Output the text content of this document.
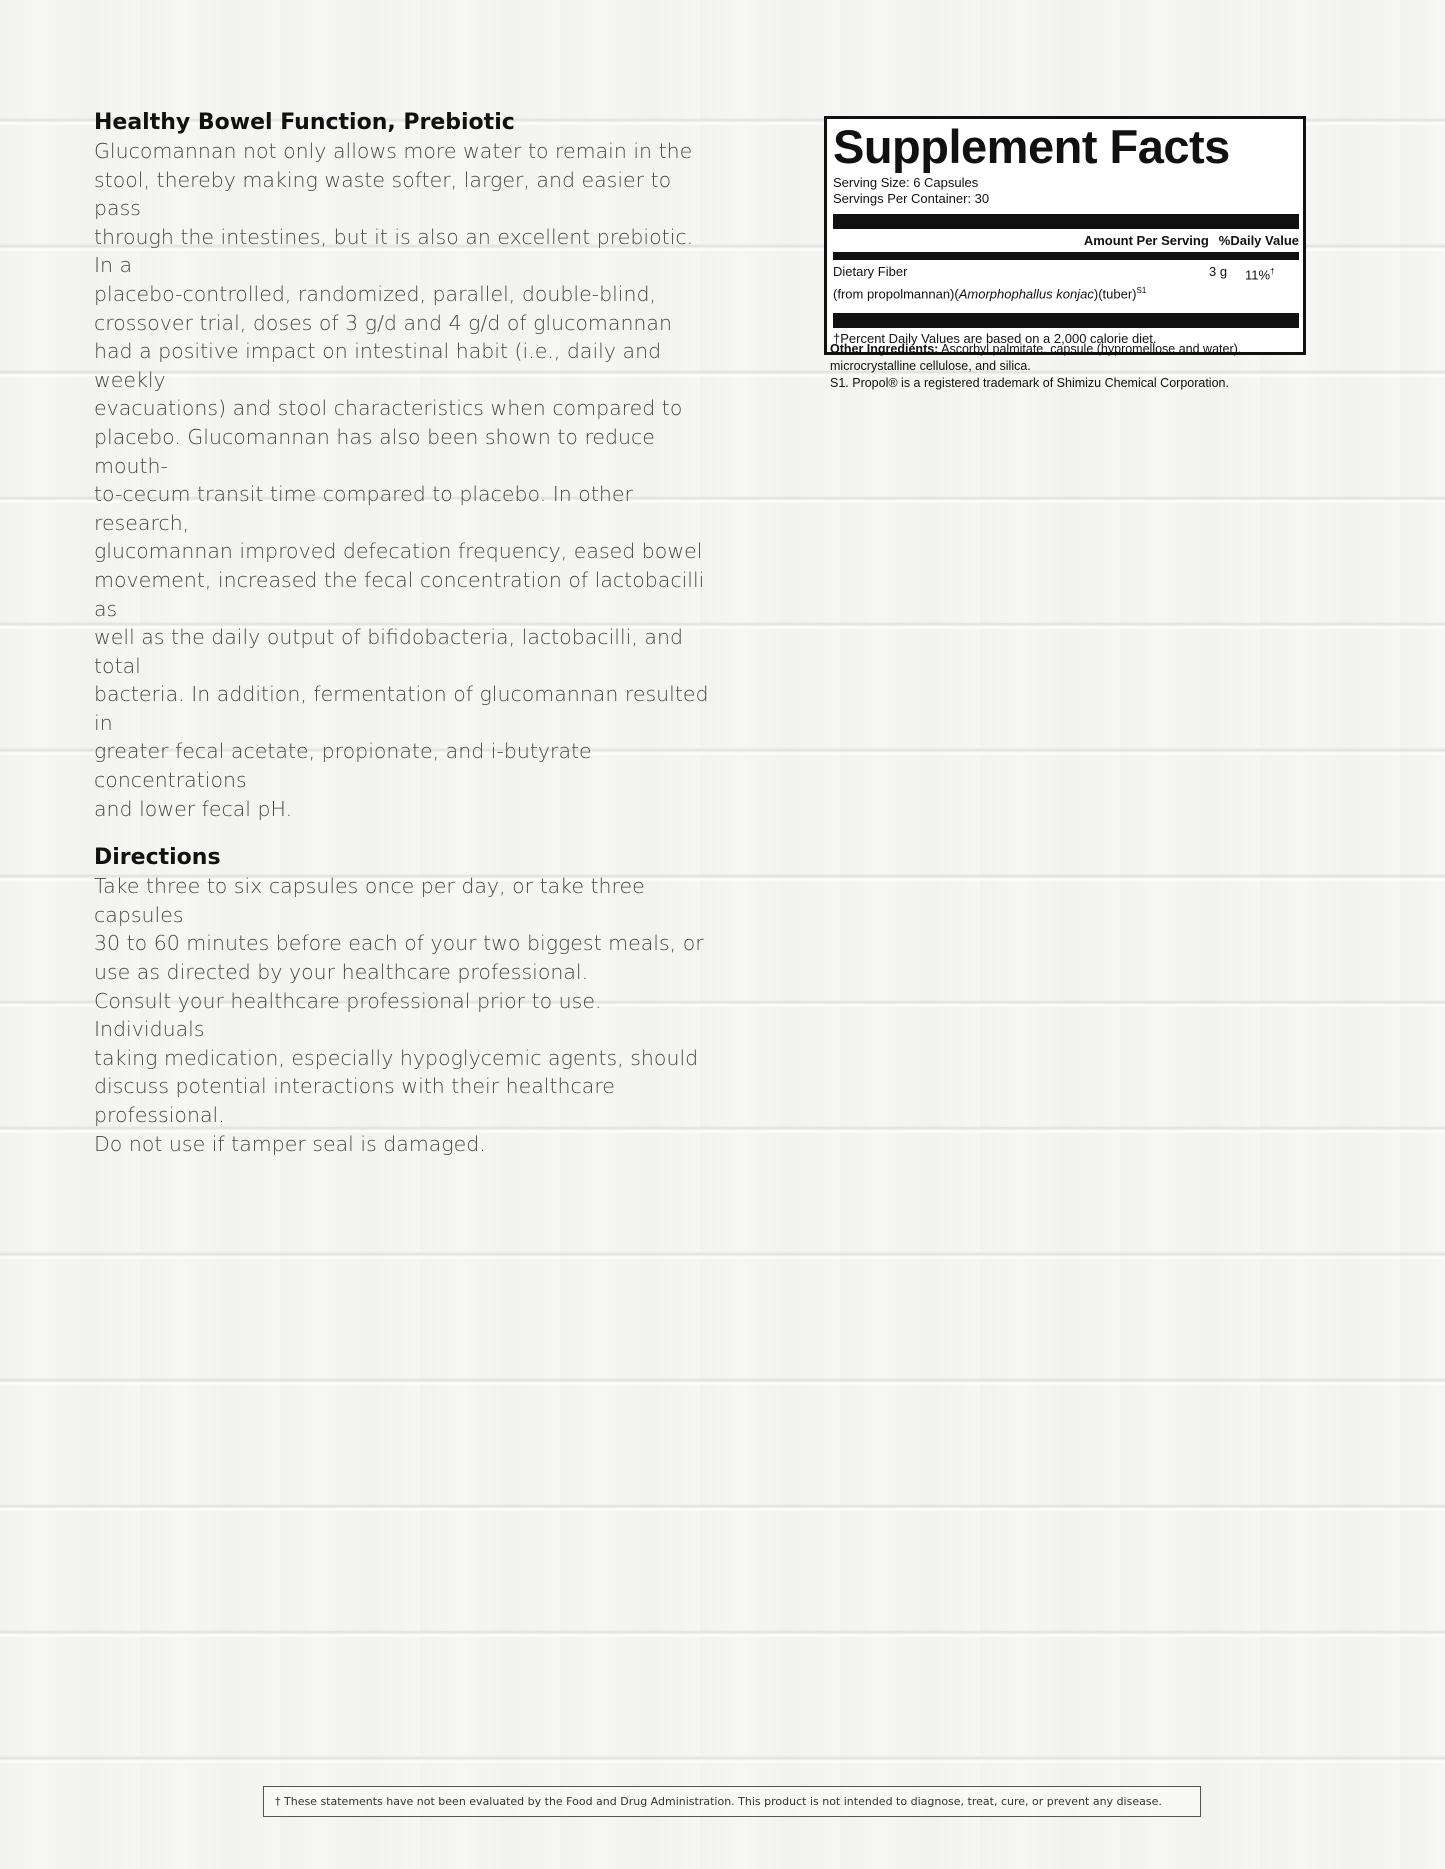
Healthy Bowel Function, Prebiotic

Glucomannan not only allows more water to remain in the
stool, thereby making waste softer, larger, and easier to pass
through the intestines, but it is also an excellent prebiotic. In a
placebo-controlled, randomized, parallel, double-blind,
crossover trial, doses of 3 g/d and 4 g/d of glucomannan
had a positive impact on intestinal habit (i.e., daily and weekly
evacuations) and stool characteristics when compared to
placebo. Glucomannan has also been shown to reduce mouth-
to-cecum transit time compared to placebo. In other research,
glucomannan improved defecation frequency, eased bowel
movement, increased the fecal concentration of lactobacilli as
well as the daily output of bifidobacteria, lactobacilli, and total
bacteria. In addition, fermentation of glucomannan resulted in
greater fecal acetate, propionate, and i-butyrate concentrations
and lower fecal pH.

Directions

Take three to six capsules once per day, or take three capsules
30 to 60 minutes before each of your two biggest meals, or
use as directed by your healthcare professional.
Consult your healthcare professional prior to use. Individuals
taking medication, especially hypoglycemic agents, should
discuss potential interactions with their healthcare professional.
Do not use if tamper seal is damaged.

Supplement Facts
Serving Size: 6 Capsules
Servings Per Container: 30
Amount Per Serving %Daily Value
Dietary Fiber	3 g	11%†
(from propolmannan)(Amorphophallus konjac)(tuber)$^{S1}$
†Percent Daily Values are based on a 2,000 calorie diet.
Other Ingredients: Ascorbyl palmitate, capsule (hypromellose and water), microcrystalline cellulose, and silica.
S1. Propol® is a registered trademark of Shimizu Chemical Corporation.
† These statements have not been evaluated by the Food and Drug Administration. This product is not intended to diagnose, treat, cure, or prevent any disease.
